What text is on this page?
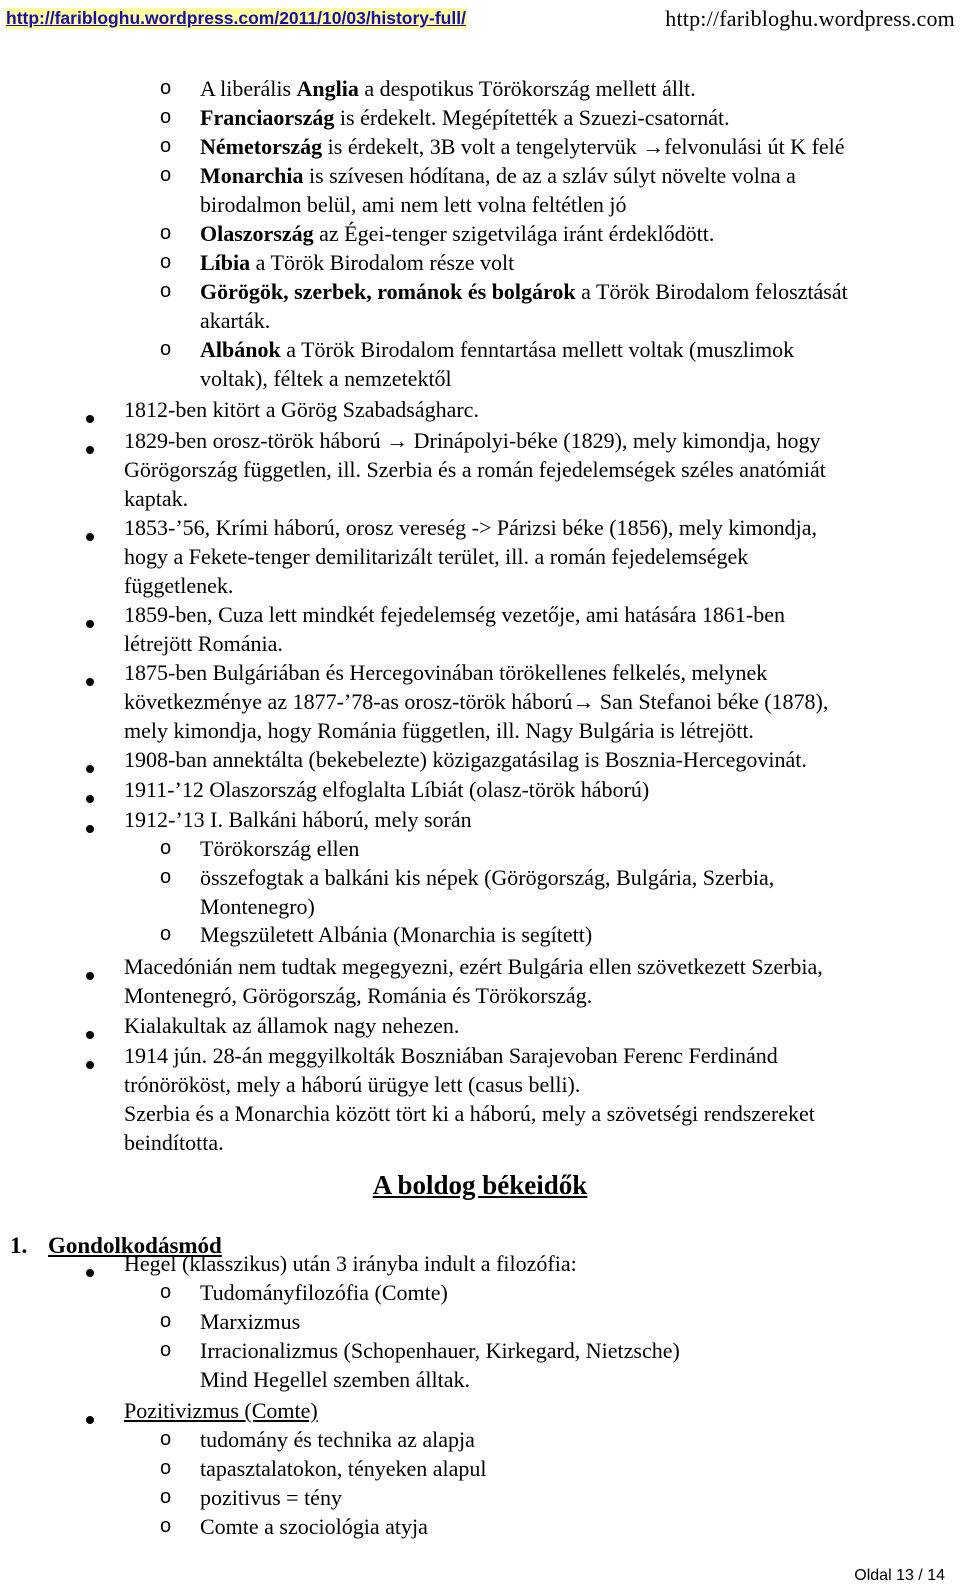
http://faribloghu.wordpress.com/2011/10/03/history-full/	http://faribloghu.wordpress.com
o A liberális Anglia a despotikus Törökország mellett állt.
o Franciaország is érdekelt. Megépítették a Szuezi-csatornát.
o Németország is érdekelt, 3B volt a tengelytervük →felvonulási út K felé
o Monarchia is szívesen hódítana, de az a szláv súlyt növelte volna a
birodalmon belül, ami nem lett volna feltétlen jó
o Olaszország az Égei-tenger szigetvilága iránt érdeklődött.
o Líbia a Török Birodalom része volt
o Görögök, szerbek, románok és bolgárok a Török Birodalom felosztását
akarták.
o Albánok a Török Birodalom fenntartása mellett voltak (muszlimok
voltak), féltek a nemzetektől
1812-ben kitört a Görög Szabadságharc.
1829-ben orosz-török háború → Drinápolyi-béke (1829), mely kimondja, hogy
Görögország független, ill. Szerbia és a román fejedelemségek széles anatómiát
kaptak.
1853-’56, Krími háború, orosz vereség -> Párizsi béke (1856), mely kimondja,
hogy a Fekete-tenger demilitarizált terület, ill. a román fejedelemségek
függetlenek.
1859-ben, Cuza lett mindkét fejedelemség vezetője, ami hatására 1861-ben
létrejött Románia.
1875-ben Bulgáriában és Hercegovinában törökellenes felkelés, melynek
következménye az 1877-’78-as orosz-török háború→ San Stefanoi béke (1878),
mely kimondja, hogy Románia független, ill. Nagy Bulgária is létrejött.
1908-ban annektálta (bekebelezte) közigazgatásilag is Bosznia-Hercegovinát.
1911-’12 Olaszország elfoglalta Líbiát (olasz-török háború)
1912-’13 I. Balkáni háború, mely során
o Törökország ellen
o összefogtak a balkáni kis népek (Görögország, Bulgária, Szerbia,
Montenegro)
o Megszületett Albánia (Monarchia is segített)
Macedónián nem tudtak megegyezni, ezért Bulgária ellen szövetkezett Szerbia,
Montenegró, Görögország, Románia és Törökország.
Kialakultak az államok nagy nehezen.
1914 jún. 28-án meggyilkolták Boszniában Sarajevoban Ferenc Ferdinánd
trónörököst, mely a háború ürügye lett (casus belli).
Szerbia és a Monarchia között tört ki a háború, mely a szövetségi rendszereket
beindította.
A boldog békeidők
1. Gondolkodásmód
Hegel (klasszikus) után 3 irányba indult a filozófia:
o Tudományfilozófia (Comte)
o Marxizmus
o Irracionalizmus (Schopenhauer, Kirkegard, Nietzsche)
Mind Hegellel szemben álltak.
Pozitivizmus (Comte)
o tudomány és technika az alapja
o tapasztalatokon, tényeken alapul
o pozitivus = tény
o Comte a szociológia atyja
Oldal 13 / 14
